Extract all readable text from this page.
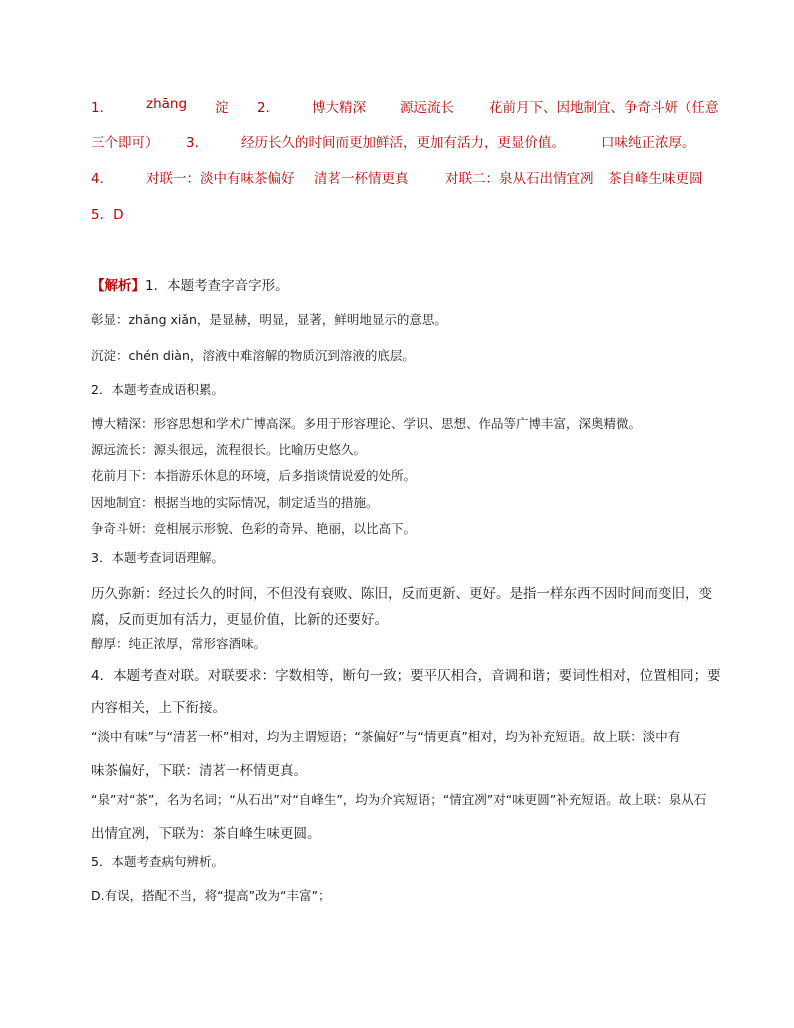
1． zhāng 淀 2． 博大精深	源远流长	花前月下、因地制宜、争奇斗妍（任意
三个即可） 3． 经历长久的时间而更加鲜活，更加有活力，更显价值。	口味纯正浓厚。
4． 对联一：淡中有味茶偏好 清茗一杯情更真	对联二：泉从石出情宜冽 茶自峰生味更圆
5．D
【解析】1．本题考查字音字形。
彰显：zhāng xiǎn，是显赫，明显，显著，鲜明地显示的意思。
沉淀：chén diàn，溶液中难溶解的物质沉到溶液的底层。
2．本题考查成语积累。
博大精深：形容思想和学术广博高深。多用于形容理论、学识、思想、作品等广博丰富，深奥精微。
源远流长：源头很远，流程很长。比喻历史悠久。
花前月下：本指游乐休息的环境，后多指谈情说爱的处所。
因地制宜：根据当地的实际情况，制定适当的措施。
争奇斗妍：竞相展示形貌、色彩的奇异、艳丽，以比高下。
3．本题考查词语理解。
历久弥新：经过长久的时间，不但没有衰败、陈旧，反而更新、更好。是指一样东西不因时间而变旧，变
腐，反而更加有活力，更显价值，比新的还要好。
醇厚：纯正浓厚，常形容酒味。
4．本题考查对联。对联要求：字数相等，断句一致；要平仄相合，音调和谐；要词性相对，位置相同；要
内容相关，上下衔接。
“淡中有味”与“清茗一杯”相对，均为主谓短语；“茶偏好”与“情更真”相对，均为补充短语。故上联：淡中有
味茶偏好，下联：清茗一杯情更真。
“泉”对“茶”，名为名词；“从石出”对“自峰生”，均为介宾短语；“情宜冽”对“味更圆”补充短语。故上联：泉从石
出情宜冽，下联为：茶自峰生味更圆。
5．本题考查病句辨析。
D.有误，搭配不当，将“提高”改为“丰富”；
